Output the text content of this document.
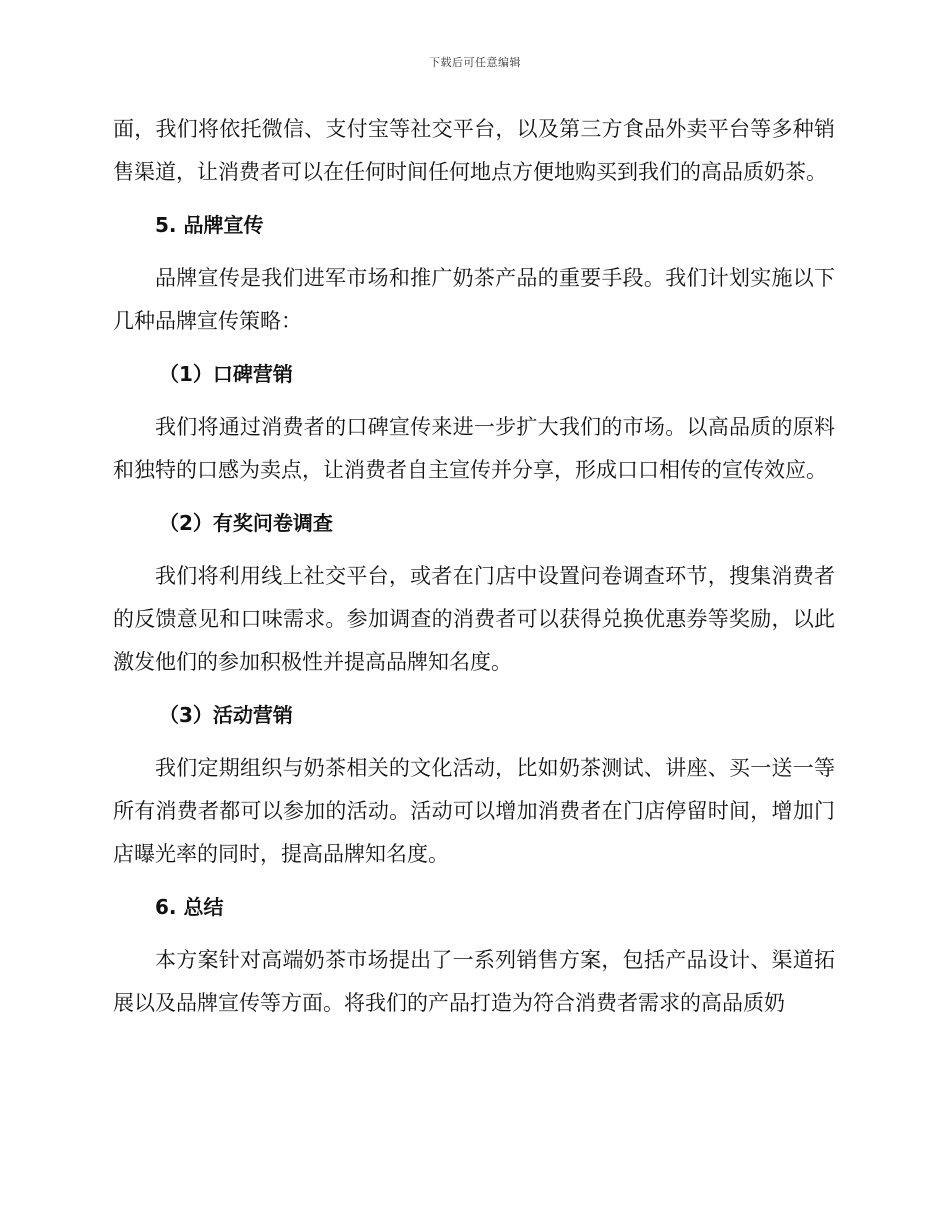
下载后可任意编辑

面，我们将依托微信、支付宝等社交平台，以及第三方食品外卖平台等多种销售渠道，让消费者可以在任何时间任何地点方便地购买到我们的高品质奶茶。

5. 品牌宣传

品牌宣传是我们进军市场和推广奶茶产品的重要手段。我们计划实施以下几种品牌宣传策略：

（1）口碑营销

我们将通过消费者的口碑宣传来进一步扩大我们的市场。以高品质的原料和独特的口感为卖点，让消费者自主宣传并分享，形成口口相传的宣传效应。

（2）有奖问卷调查

我们将利用线上社交平台，或者在门店中设置问卷调查环节，搜集消费者的反馈意见和口味需求。参加调查的消费者可以获得兑换优惠券等奖励，以此激发他们的参加积极性并提高品牌知名度。

（3）活动营销

我们定期组织与奶茶相关的文化活动，比如奶茶测试、讲座、买一送一等所有消费者都可以参加的活动。活动可以增加消费者在门店停留时间，增加门店曝光率的同时，提高品牌知名度。

6. 总结

本方案针对高端奶茶市场提出了一系列销售方案，包括产品设计、渠道拓展以及品牌宣传等方面。将我们的产品打造为符合消费者需求的高品质奶
